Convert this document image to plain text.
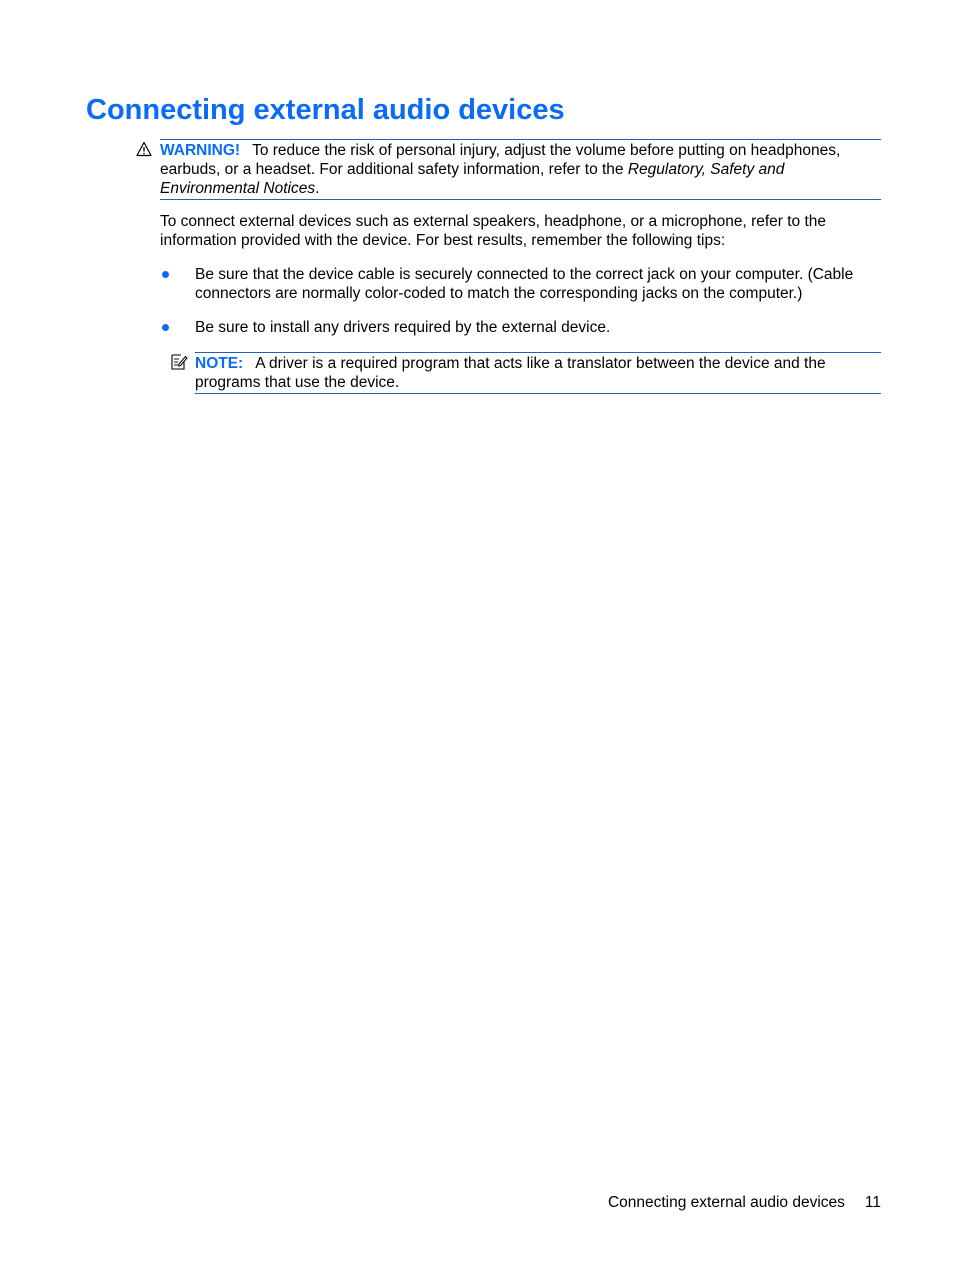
Connecting external audio devices
WARNING! To reduce the risk of personal injury, adjust the volume before putting on headphones, earbuds, or a headset. For additional safety information, refer to the Regulatory, Safety and Environmental Notices.

To connect external devices such as external speakers, headphone, or a microphone, refer to the information provided with the device. For best results, remember the following tips:

Be sure that the device cable is securely connected to the correct jack on your computer. (Cable connectors are normally color-coded to match the corresponding jacks on the computer.)
Be sure to install any drivers required by the external device.
NOTE: A driver is a required program that acts like a translator between the device and the programs that use the device.
Connecting external audio devices 11
